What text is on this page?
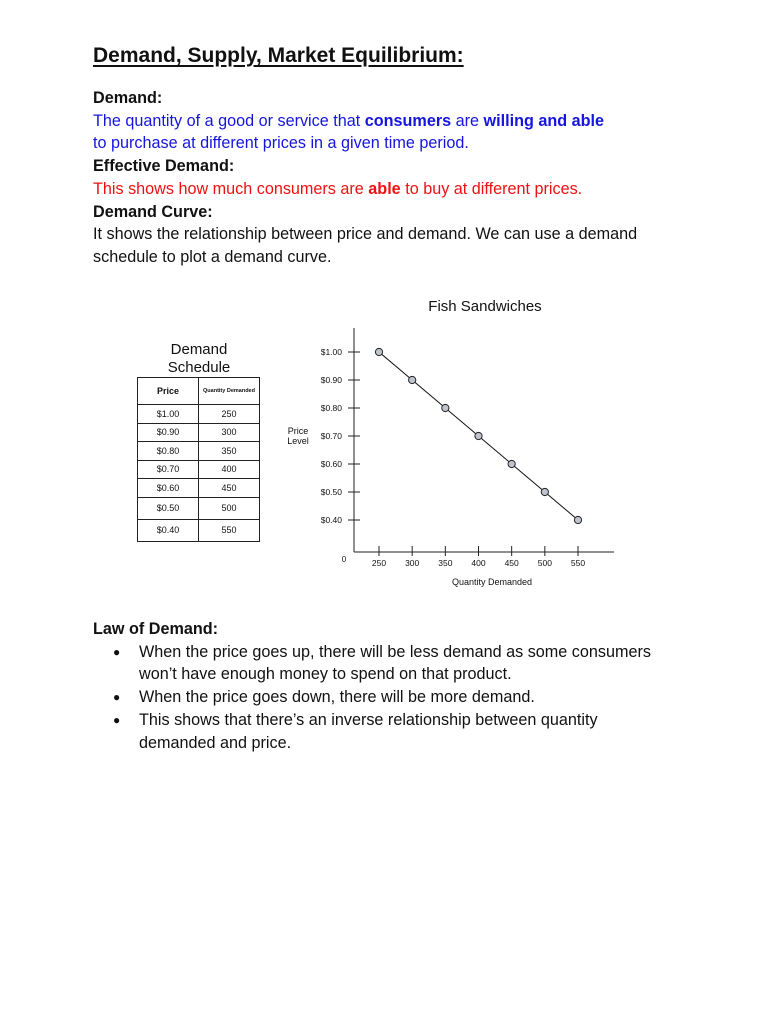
Demand, Supply, Market Equilibrium:
Demand:
The quantity of a good or service that consumers are willing and able
to purchase at different prices in a given time period.
Effective Demand:
This shows how much consumers are able to buy at different prices.
Demand Curve:
It shows the relationship between price and demand. We can use a demand schedule to plot a demand curve.
Demand
Schedule
Price	Quantity Demanded
$1.00	250
$0.90	300
$0.80	350
$0.70	400
$0.60	450
$0.50	500
$0.40	550
Fish Sandwiches
Price
Level
0
Quantity Demanded
$1.00
$0.90
$0.80
$0.70
$0.60
$0.50
$0.40
250 300 350 400 450 500 550
Law of Demand:
● When the price goes up, there will be less demand as some consumers won’t have enough money to spend on that product.
● When the price goes down, there will be more demand.
● This shows that there’s an inverse relationship between quantity demanded and price.
